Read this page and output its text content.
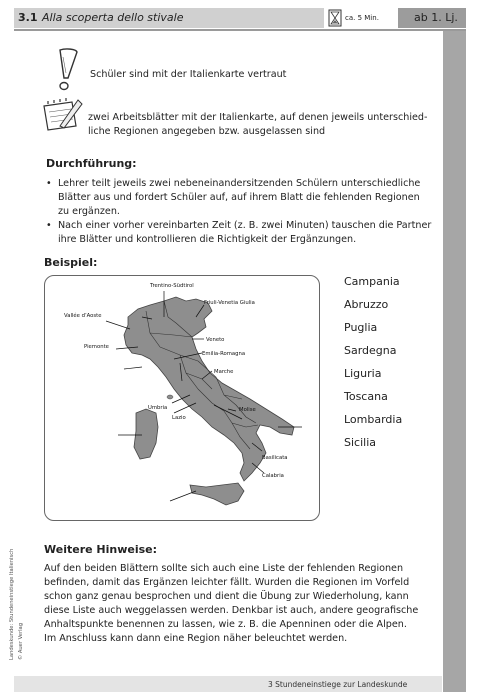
3.1 Alla scoperta dello stivale	ca. 5 Min.	ab 1. Lj.
Landeskunde: Stundeneinstiege Italienisch © Auer Verlag
Schüler sind mit der Italienkarte vertraut
zwei Arbeitsblätter mit der Italienkarte, auf denen jeweils unterschied-
liche Regionen angegeben bzw. ausgelassen sind
Durchführung:
• Lehrer teilt jeweils zwei nebeneinandersitzenden Schülern unterschiedliche
Blätter aus und fordert Schüler auf, auf ihrem Blatt die fehlenden Regionen
zu ergänzen.
• Nach einer vorher vereinbarten Zeit (z. B. zwei Minuten) tauschen die Partner
ihre Blätter und kontrollieren die Richtigkeit der Ergänzungen.
Beispiel:
Trentino-Südtirol
Friuli-Venetia Giulia
Vallée d’Aoste
Piemonte
Veneto
Emilia-Romagna
Marche
Molise
Umbria
Lazio
Basilicata
Calabria
Campania
Abruzzo
Puglia
Sardegna
Liguria
Toscana
Lombardia
Sicilia
Weitere Hinweise:
Auf den beiden Blättern sollte sich auch eine Liste der fehlenden Regionen
befinden, damit das Ergänzen leichter fällt. Wurden die Regionen im Vorfeld
schon ganz genau besprochen und dient die Übung zur Wiederholung, kann
diese Liste auch weggelassen werden. Denkbar ist auch, andere geografische
Anhaltspunkte benennen zu lassen, wie z. B. die Apenninen oder die Alpen.
Im Anschluss kann dann eine Region näher beleuchtet werden.
3 Stundeneinstiege zur Landeskunde
